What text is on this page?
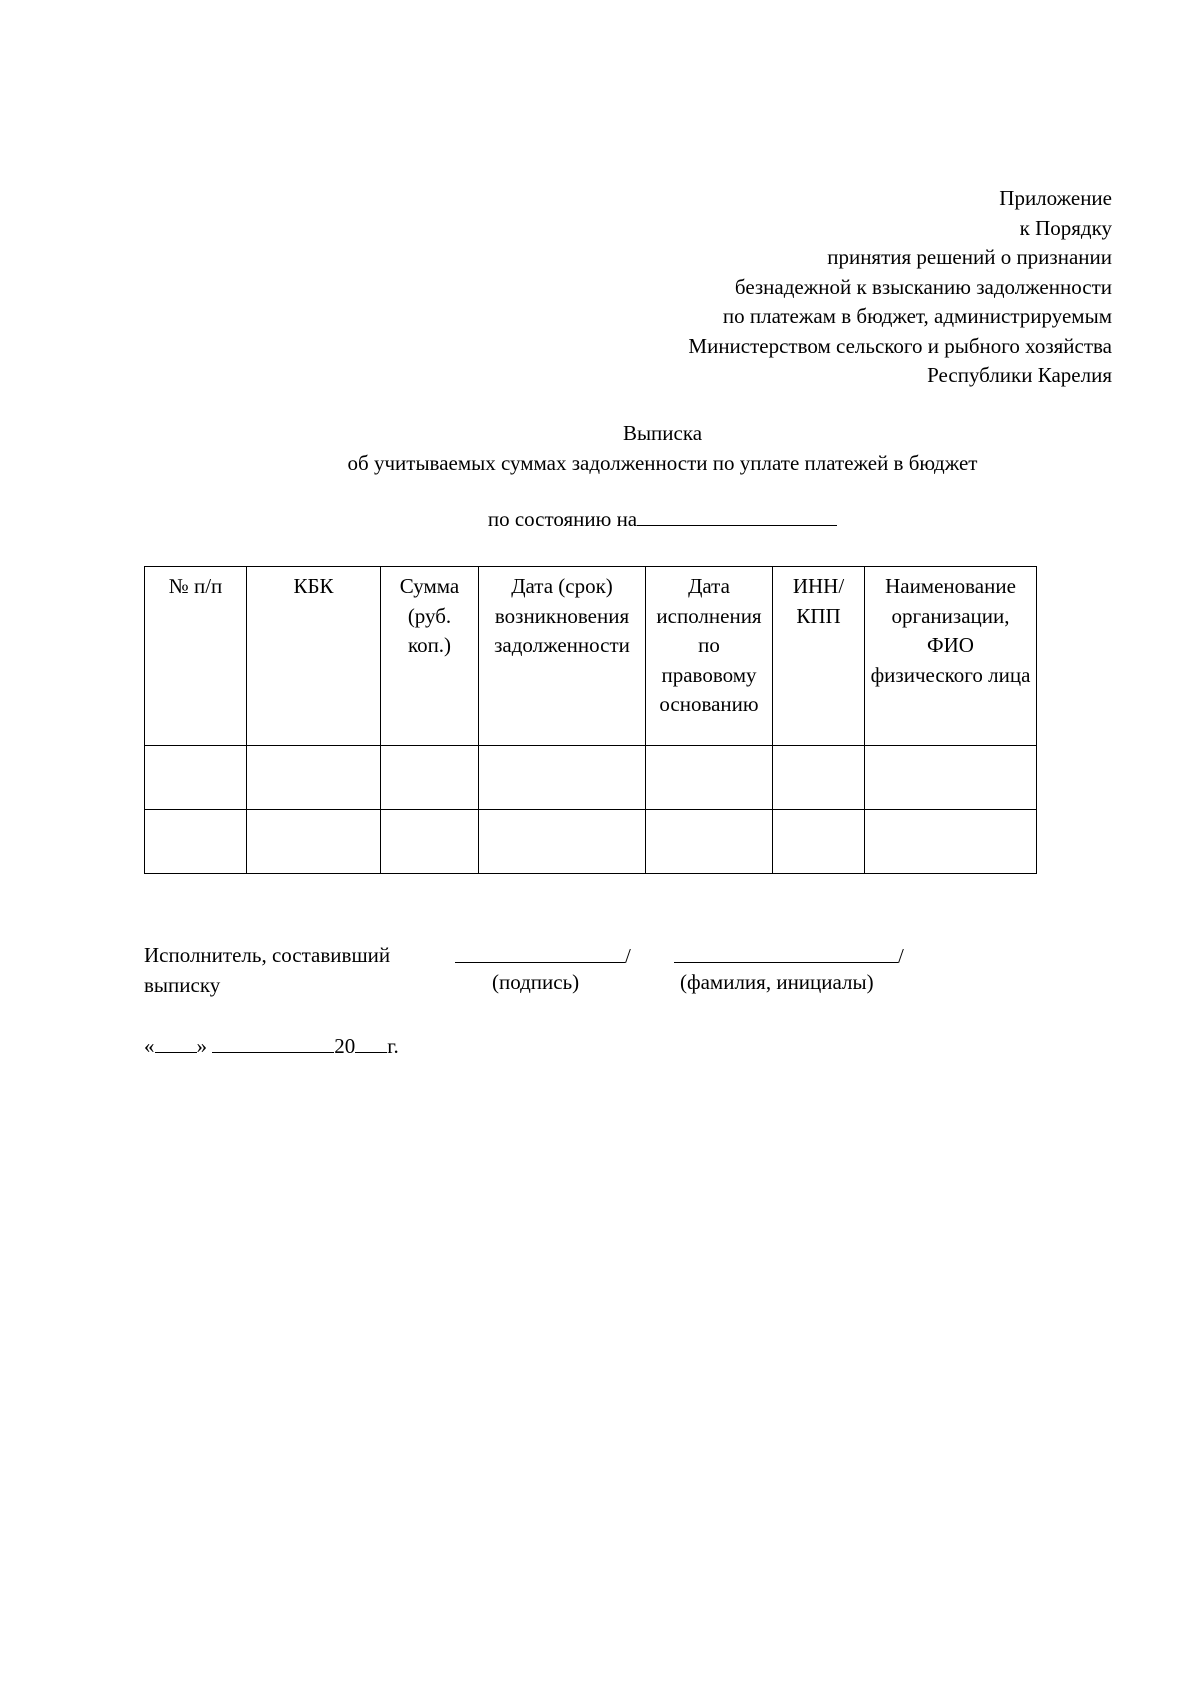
Приложение
к Порядку
принятия решений о признании
безнадежной к взысканию задолженности
по платежам в бюджет, администрируемым
Министерством сельского и рыбного хозяйства
Республики Карелия
Выписка
об учитываемых суммах задолженности по уплате платежей в бюджет
по состоянию на
№ п/п	КБК	Сумма (руб. коп.)	Дата (срок) возникновения задолженности	Дата исполнения по правовому основанию	ИНН/ КПП	Наименование организации, ФИО физического лица

Исполнитель, составивший
выписку
/	/
(подпись)	(фамилия, инициалы)
« »	20 г.
